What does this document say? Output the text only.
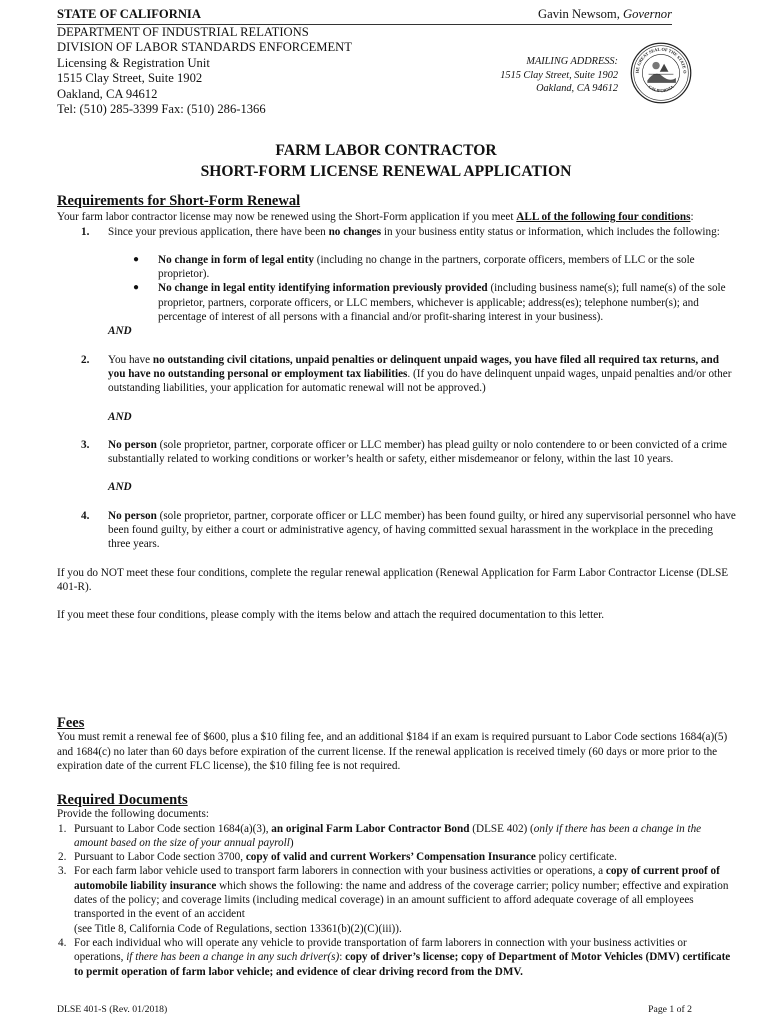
STATE OF CALIFORNIA
DEPARTMENT OF INDUSTRIAL RELATIONS
DIVISION OF LABOR STANDARDS ENFORCEMENT
Licensing & Registration Unit
1515 Clay Street, Suite 1902
Oakland, CA 94612
Tel: (510) 285-3399 Fax: (510) 286-1366
Gavin Newsom, Governor
MAILING ADDRESS:
1515 Clay Street, Suite 1902
Oakland, CA 94612
HE GREAT SEAL OF THE STATE O
CALIFORNIA
FARM LABOR CONTRACTOR
SHORT-FORM LICENSE RENEWAL APPLICATION
Requirements for Short-Form Renewal
Your farm labor contractor license may now be renewed using the Short-Form application if you meet ALL of the following four conditions:
1. Since your previous application, there have been no changes in your business entity status or information, which includes the following:
● No change in form of legal entity (including no change in the partners, corporate officers, members of LLC or the sole proprietor).
● No change in legal entity identifying information previously provided (including business name(s); full name(s) of the sole proprietor, partners, corporate officers, or LLC members, whichever is applicable; address(es); telephone number(s); and percentage of interest of all persons with a financial and/or profit-sharing interest in your business).
AND
2. You have no outstanding civil citations, unpaid penalties or delinquent unpaid wages, you have filed all required tax returns, and you have no outstanding personal or employment tax liabilities. (If you do have delinquent unpaid wages, unpaid penalties and/or other outstanding liabilities, your application for automatic renewal will not be approved.)
AND
3. No person (sole proprietor, partner, corporate officer or LLC member) has plead guilty or nolo contendere to or been convicted of a crime substantially related to working conditions or worker’s health or safety, either misdemeanor or felony, within the last 10 years.
AND
4. No person (sole proprietor, partner, corporate officer or LLC member) has been found guilty, or hired any supervisorial personnel who have been found guilty, by either a court or administrative agency, of having committed sexual harassment in the workplace in the preceding three years.
If you do NOT meet these four conditions, complete the regular renewal application (Renewal Application for Farm Labor Contractor License (DLSE 401-R).
If you meet these four conditions, please comply with the items below and attach the required documentation to this letter.
Fees
You must remit a renewal fee of $600, plus a $10 filing fee, and an additional $184 if an exam is required pursuant to Labor Code sections 1684(a)(5) and 1684(c) no later than 60 days before expiration of the current license. If the renewal application is received timely (60 days or more prior to the expiration date of the current FLC license), the $10 filing fee is not required.
Required Documents
Provide the following documents:
1. Pursuant to Labor Code section 1684(a)(3), an original Farm Labor Contractor Bond (DLSE 402) (only if there has been a change in the amount based on the size of your annual payroll)
2. Pursuant to Labor Code section 3700, copy of valid and current Workers’ Compensation Insurance policy certificate.
3. For each farm labor vehicle used to transport farm laborers in connection with your business activities or operations, a copy of current proof of automobile liability insurance which shows the following: the name and address of the coverage carrier; policy number; effective and expiration dates of the policy; and coverage limits (including medical coverage) in an amount sufficient to afford adequate coverage of all employees transported in the event of an accident
(see Title 8, California Code of Regulations, section 13361(b)(2)(C)(iii)).
4. For each individual who will operate any vehicle to provide transportation of farm laborers in connection with your business activities or operations, if there has been a change in any such driver(s): copy of driver’s license; copy of Department of Motor Vehicles (DMV) certificate to permit operation of farm labor vehicle; and evidence of clear driving record from the DMV.
DLSE 401-S (Rev. 01/2018)	Page 1 of 2
